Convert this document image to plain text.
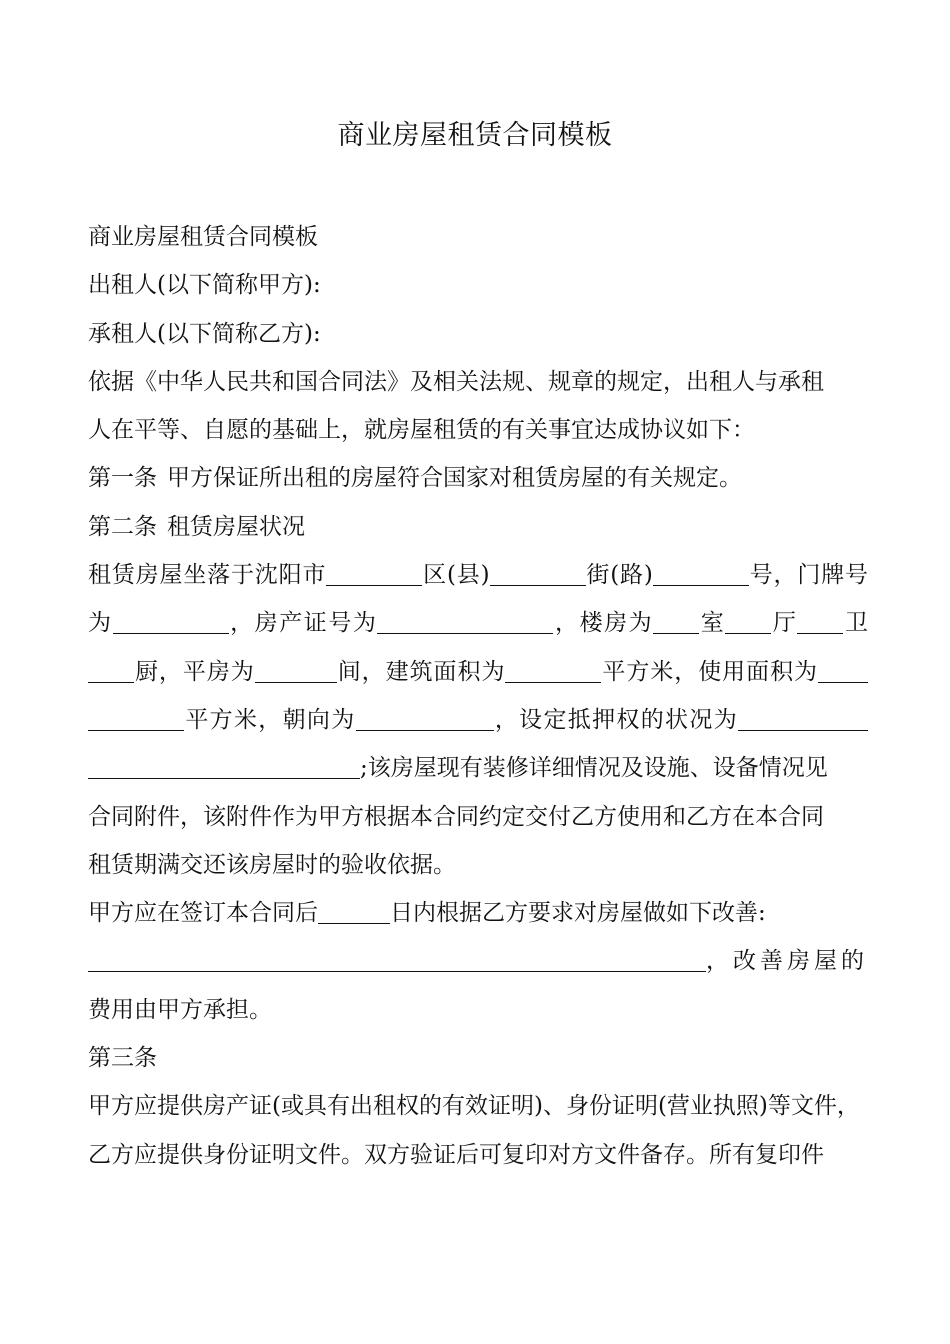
商业房屋租赁合同模板
商业房屋租赁合同模板
出租人(以下简称甲方):
承租人(以下简称乙方):
依据《中华人民共和国合同法》及相关法规、规章的规定，出租人与承租
人在平等、自愿的基础上，就房屋租赁的有关事宜达成协议如下：
第一条 甲方保证所出租的房屋符合国家对租赁房屋的有关规定。
第二条 租赁房屋状况
租赁房屋坐落于沈阳市	区(县)	街(路)	号，门牌号
为	，房产证号为	，楼房为 室 厅 卫
厨，平房为	间，建筑面积为	平方米，使用面积为
平方米，朝向为	，设定抵押权的状况为
;该房屋现有装修详细情况及设施、设备情况见
合同附件，该附件作为甲方根据本合同约定交付乙方使用和乙方在本合同
租赁期满交还该房屋时的验收依据。
甲方应在签订本合同后	日内根据乙方要求对房屋做如下改善:
，改善房屋的
费用由甲方承担。
第三条
甲方应提供房产证(或具有出租权的有效证明)、身份证明(营业执照)等文件，
乙方应提供身份证明文件。双方验证后可复印对方文件备存。所有复印件
